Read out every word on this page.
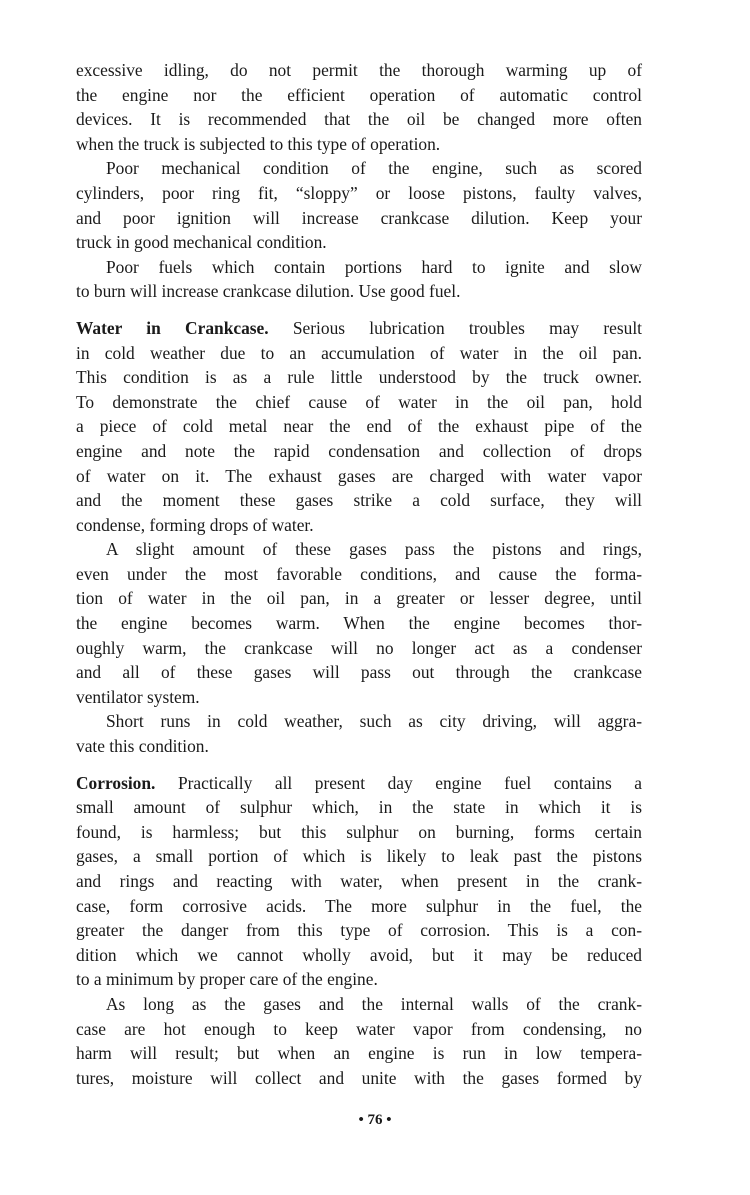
excessive idling, do not permit the thorough warming up of
the engine nor the efficient operation of automatic control
devices. It is recommended that the oil be changed more often
when the truck is subjected to this type of operation.
Poor mechanical condition of the engine, such as scored
cylinders, poor ring fit, “sloppy” or loose pistons, faulty valves,
and poor ignition will increase crankcase dilution. Keep your
truck in good mechanical condition.
Poor fuels which contain portions hard to ignite and slow
to burn will increase crankcase dilution. Use good fuel.
Water in Crankcase. Serious lubrication troubles may result
in cold weather due to an accumulation of water in the oil pan.
This condition is as a rule little understood by the truck owner.
To demonstrate the chief cause of water in the oil pan, hold
a piece of cold metal near the end of the exhaust pipe of the
engine and note the rapid condensation and collection of drops
of water on it. The exhaust gases are charged with water vapor
and the moment these gases strike a cold surface, they will
condense, forming drops of water.
A slight amount of these gases pass the pistons and rings,
even under the most favorable conditions, and cause the forma-
tion of water in the oil pan, in a greater or lesser degree, until
the engine becomes warm. When the engine becomes thor-
oughly warm, the crankcase will no longer act as a condenser
and all of these gases will pass out through the crankcase
ventilator system.
Short runs in cold weather, such as city driving, will aggra-
vate this condition.
Corrosion. Practically all present day engine fuel contains a
small amount of sulphur which, in the state in which it is
found, is harmless; but this sulphur on burning, forms certain
gases, a small portion of which is likely to leak past the pistons
and rings and reacting with water, when present in the crank-
case, form corrosive acids. The more sulphur in the fuel, the
greater the danger from this type of corrosion. This is a con-
dition which we cannot wholly avoid, but it may be reduced
to a minimum by proper care of the engine.
As long as the gases and the internal walls of the crank-
case are hot enough to keep water vapor from condensing, no
harm will result; but when an engine is run in low tempera-
tures, moisture will collect and unite with the gases formed by
• 76 •
